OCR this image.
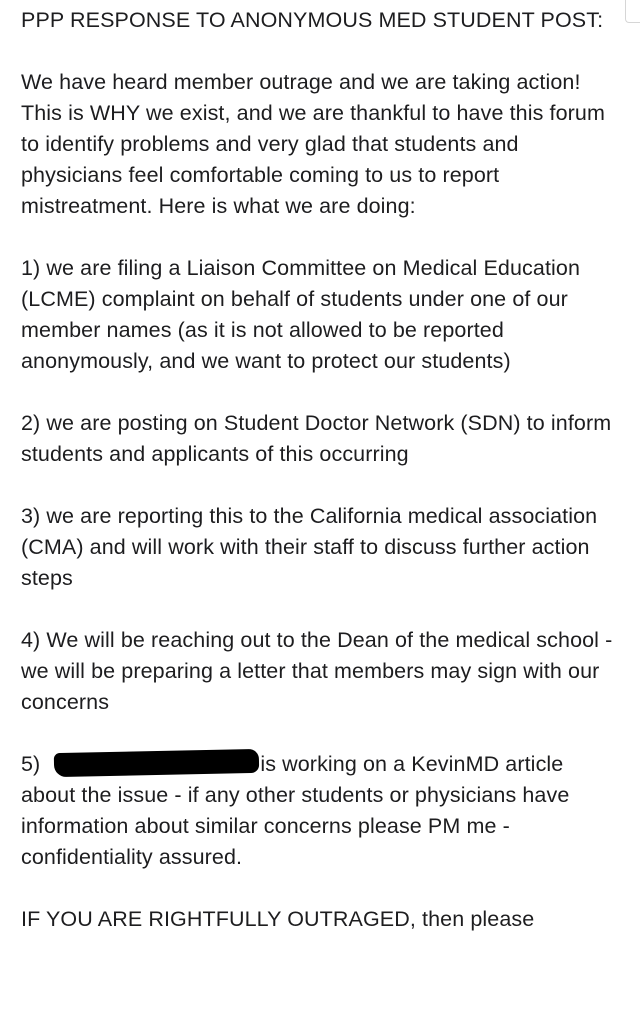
PPP RESPONSE TO ANONYMOUS MED STUDENT POST:

We have heard member outrage and we are taking action! This is WHY we exist, and we are thankful to have this forum to identify problems and very glad that students and physicians feel comfortable coming to us to report mistreatment. Here is what we are doing:

1) we are filing a Liaison Committee on Medical Education (LCME) complaint on behalf of students under one of our member names (as it is not allowed to be reported anonymously, and we want to protect our students)

2) we are posting on Student Doctor Network (SDN) to inform students and applicants of this occurring

3) we are reporting this to the California medical association (CMA) and will work with their staff to discuss further action steps

4) We will be reaching out to the Dean of the medical school - we will be preparing a letter that members may sign with our concerns

5)	is working on a KevinMD article about the issue - if any other students or physicians have information about similar concerns please PM me - confidentiality assured.

IF YOU ARE RIGHTFULLY OUTRAGED, then please
